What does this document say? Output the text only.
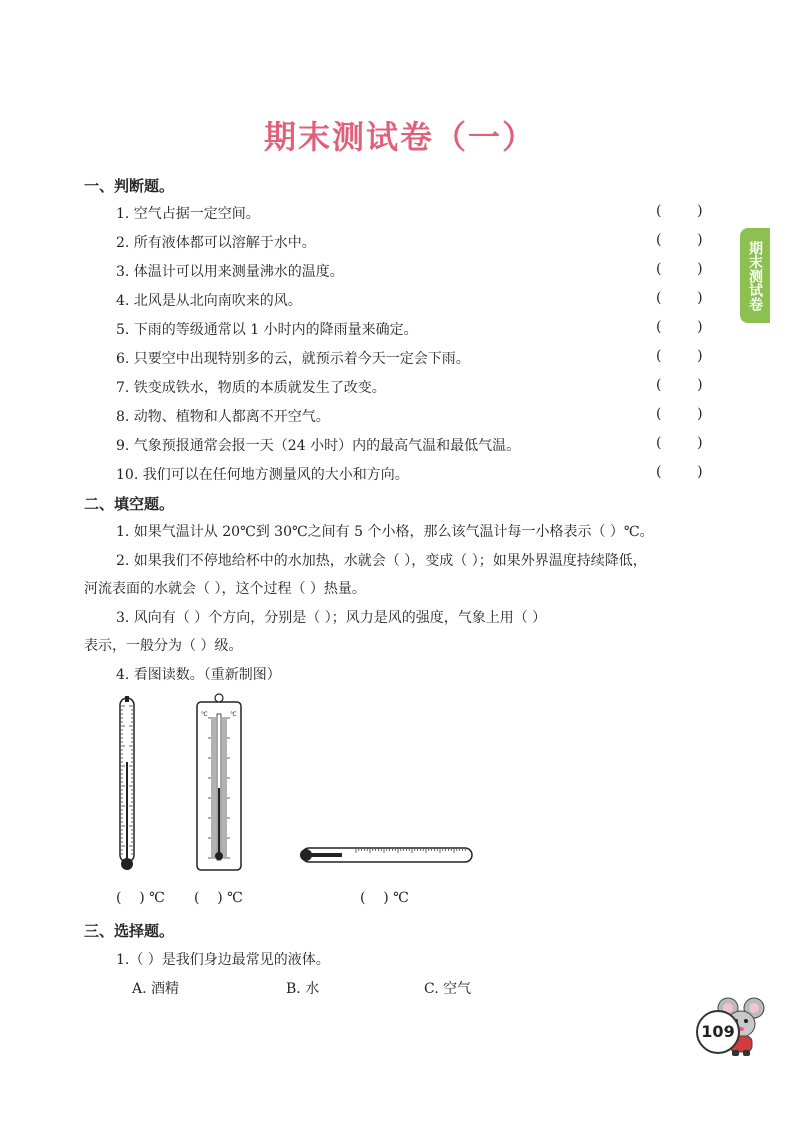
期末测试卷（一）
期末测试卷
一、判断题。
1. 空气占据一定空间。	(        )
2. 所有液体都可以溶解于水中。	(        )
3. 体温计可以用来测量沸水的温度。	(        )
4. 北风是从北向南吹来的风。	(        )
5. 下雨的等级通常以 1 小时内的降雨量来确定。	(        )
6. 只要空中出现特别多的云，就预示着今天一定会下雨。	(        )
7. 铁变成铁水，物质的本质就发生了改变。	(        )
8. 动物、植物和人都离不开空气。	(        )
9. 气象预报通常会报一天（24 小时）内的最高气温和最低气温。	(        )
10. 我们可以在任何地方测量风的大小和方向。	(        )
二、填空题。
1. 如果气温计从 20℃到 30℃之间有 5 个小格，那么该气温计每一小格表示（ ）℃。
2. 如果我们不停地给杯中的水加热，水就会（ ），变成（ ）；如果外界温度持续降低，
河流表面的水就会（ ），这个过程（ ）热量。
3. 风向有（ ）个方向，分别是（ ）；风力是风的强度，气象上用（ ）
表示，一般分为（ ）级。
4. 看图读数。（重新制图）
℃	℃
(    ) ℃ (    ) ℃	(    ) ℃
三、选择题。
1.（ ）是我们身边最常见的液体。
A. 酒精	B. 水	C. 空气
109
